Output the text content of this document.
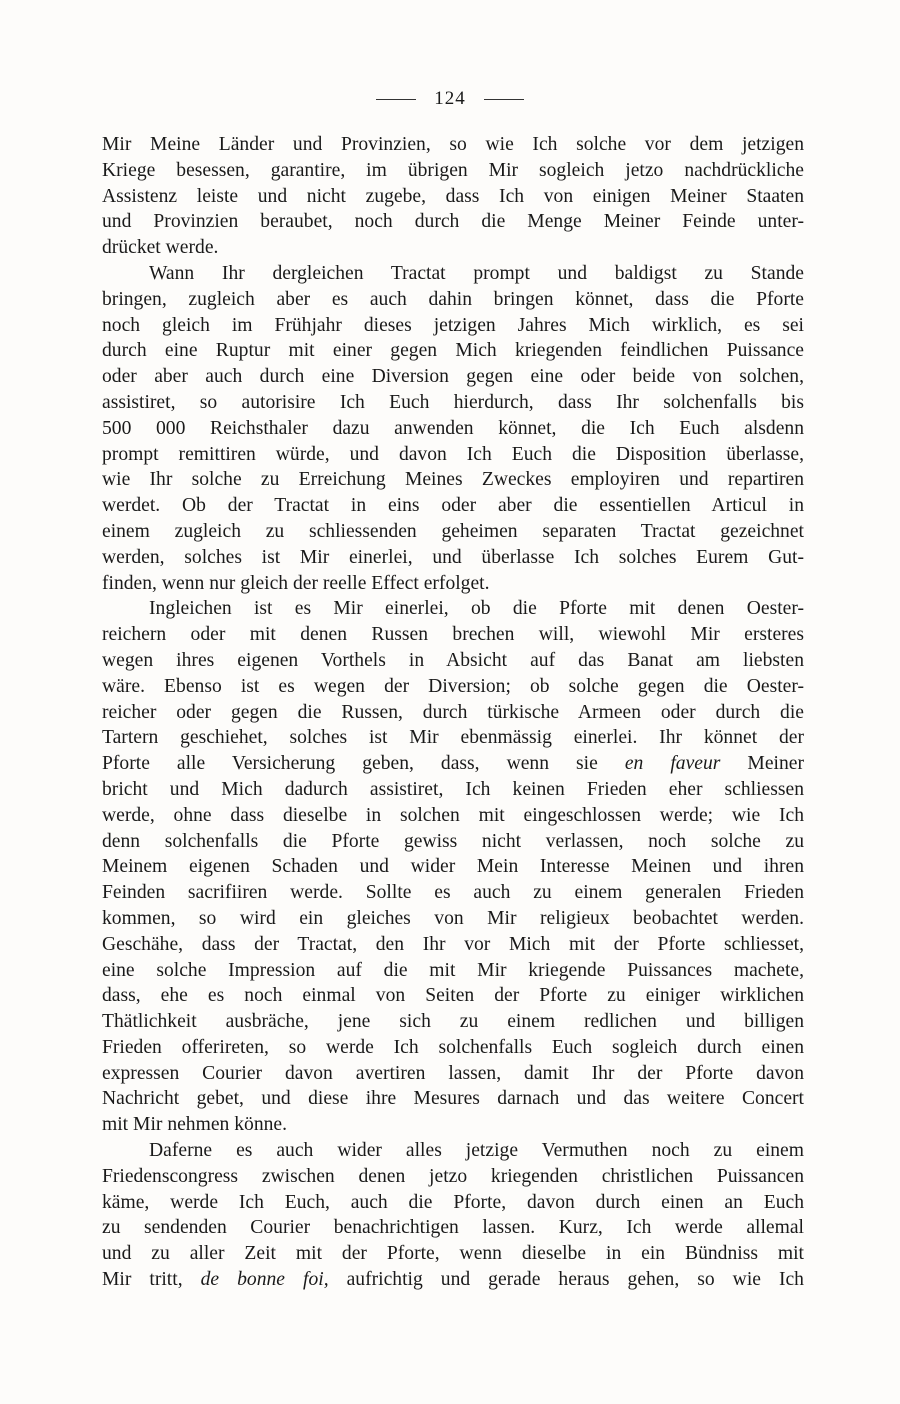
124
Mir Meine Länder und Provinzien, so wie Ich solche vor dem jetzigen
Kriege besessen, garantire, im übrigen Mir sogleich jetzo nachdrückliche
Assistenz leiste und nicht zugebe, dass Ich von einigen Meiner Staaten
und Provinzien beraubet, noch durch die Menge Meiner Feinde unter-
drücket werde.
Wann Ihr dergleichen Tractat prompt und baldigst zu Stande
bringen, zugleich aber es auch dahin bringen könnet, dass die Pforte
noch gleich im Frühjahr dieses jetzigen Jahres Mich wirklich, es sei
durch eine Ruptur mit einer gegen Mich kriegenden feindlichen Puissance
oder aber auch durch eine Diversion gegen eine oder beide von solchen,
assistiret, so autorisire Ich Euch hierdurch, dass Ihr solchenfalls bis
500 000 Reichsthaler dazu anwenden könnet, die Ich Euch alsdenn
prompt remittiren würde, und davon Ich Euch die Disposition überlasse,
wie Ihr solche zu Erreichung Meines Zweckes employiren und repartiren
werdet. Ob der Tractat in eins oder aber die essentiellen Articul in
einem zugleich zu schliessenden geheimen separaten Tractat gezeichnet
werden, solches ist Mir einerlei, und überlasse Ich solches Eurem Gut-
finden, wenn nur gleich der reelle Effect erfolget.
Ingleichen ist es Mir einerlei, ob die Pforte mit denen Oester-
reichern oder mit denen Russen brechen will, wiewohl Mir ersteres
wegen ihres eigenen Vorthels in Absicht auf das Banat am liebsten
wäre. Ebenso ist es wegen der Diversion; ob solche gegen die Oester-
reicher oder gegen die Russen, durch türkische Armeen oder durch die
Tartern geschiehet, solches ist Mir ebenmässig einerlei. Ihr könnet der
Pforte alle Versicherung geben, dass, wenn sie en faveur Meiner
bricht und Mich dadurch assistiret, Ich keinen Frieden eher schliessen
werde, ohne dass dieselbe in solchen mit eingeschlossen werde; wie Ich
denn solchenfalls die Pforte gewiss nicht verlassen, noch solche zu
Meinem eigenen Schaden und wider Mein Interesse Meinen und ihren
Feinden sacrifiiren werde. Sollte es auch zu einem generalen Frieden
kommen, so wird ein gleiches von Mir religieux beobachtet werden.
Geschähe, dass der Tractat, den Ihr vor Mich mit der Pforte schliesset,
eine solche Impression auf die mit Mir kriegende Puissances machete,
dass, ehe es noch einmal von Seiten der Pforte zu einiger wirklichen
Thätlichkeit ausbräche, jene sich zu einem redlichen und billigen
Frieden offerireten, so werde Ich solchenfalls Euch sogleich durch einen
expressen Courier davon avertiren lassen, damit Ihr der Pforte davon
Nachricht gebet, und diese ihre Mesures darnach und das weitere Concert
mit Mir nehmen könne.
Daferne es auch wider alles jetzige Vermuthen noch zu einem
Friedenscongress zwischen denen jetzo kriegenden christlichen Puissancen
käme, werde Ich Euch, auch die Pforte, davon durch einen an Euch
zu sendenden Courier benachrichtigen lassen. Kurz, Ich werde allemal
und zu aller Zeit mit der Pforte, wenn dieselbe in ein Bündniss mit
Mir tritt, de bonne foi, aufrichtig und gerade heraus gehen, so wie Ich
